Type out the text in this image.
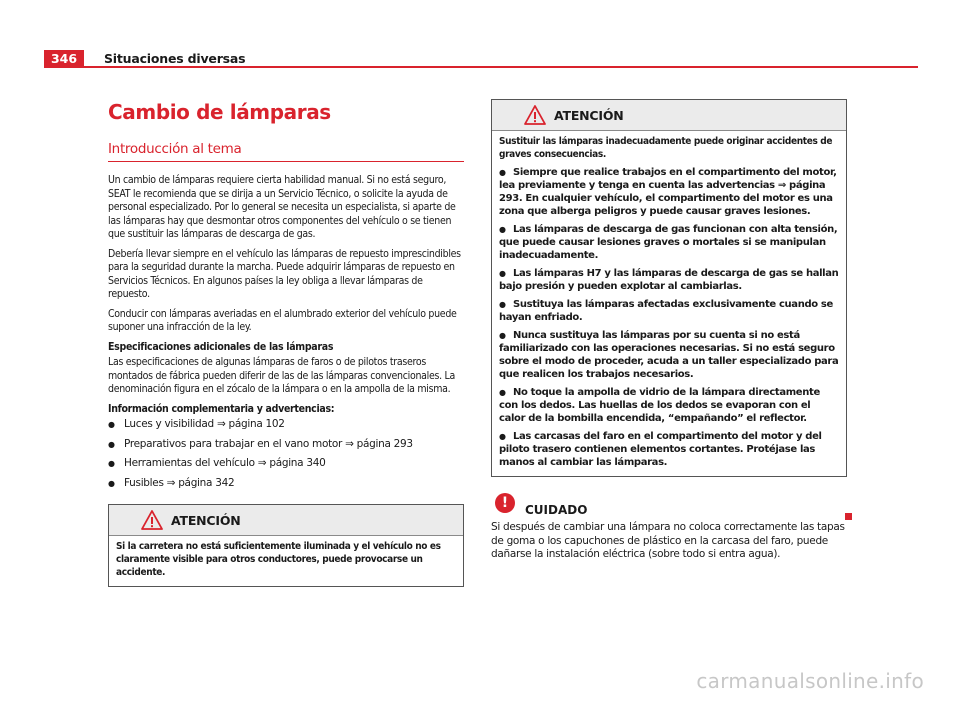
346	Situaciones diversas
Cambio de lámparas
Introducción al tema

Un cambio de lámparas requiere cierta habilidad manual. Si no está seguro, SEAT le recomienda que se dirija a un Servicio Técnico, o solicite la ayuda de personal especializado. Por lo general se necesita un especialista, si aparte de las lámparas hay que desmontar otros componentes del vehículo o se tienen que sustituir las lámparas de descarga de gas.

Debería llevar siempre en el vehículo las lámparas de repuesto imprescindibles para la seguridad durante la marcha. Puede adquirir lámparas de repuesto en Servicios Técnicos. En algunos países la ley obliga a llevar lámparas de repuesto.

Conducir con lámparas averiadas en el alumbrado exterior del vehículo puede suponer una infracción de la ley.

Especificaciones adicionales de las lámparas

Las especificaciones de algunas lámparas de faros o de pilotos traseros montados de fábrica pueden diferir de las de las lámparas convencionales. La denominación figura en el zócalo de la lámpara o en la ampolla de la misma.

Información complementaria y advertencias:

● Luces y visibilidad ⇒ página 102
● Preparativos para trabajar en el vano motor ⇒ página 293
● Herramientas del vehículo ⇒ página 340
● Fusibles ⇒ página 342
ATENCIÓN

Si la carretera no está suficientemente iluminada y el vehículo no es claramente visible para otros conductores, puede provocarse un accidente.

ATENCIÓN

Sustituir las lámparas inadecuadamente puede originar accidentes de graves consecuencias.

● Siempre que realice trabajos en el compartimento del motor, lea previamente y tenga en cuenta las advertencias ⇒ página 293. En cualquier vehículo, el compartimento del motor es una zona que alberga peligros y puede causar graves lesiones.
● Las lámparas de descarga de gas funcionan con alta tensión, que puede causar lesiones graves o mortales si se manipulan inadecuadamente.
● Las lámparas H7 y las lámparas de descarga de gas se hallan bajo presión y pueden explotar al cambiarlas.
● Sustituya las lámparas afectadas exclusivamente cuando se hayan enfriado.
● Nunca sustituya las lámparas por su cuenta si no está familiarizado con las operaciones necesarias. Si no está seguro sobre el modo de proceder, acuda a un taller especializado para que realicen los trabajos necesarios.
● No toque la ampolla de vidrio de la lámpara directamente con los dedos. Las huellas de los dedos se evaporan con el calor de la bombilla encendida, “empañando” el reflector.
● Las carcasas del faro en el compartimento del motor y del piloto trasero contienen elementos cortantes. Protéjase las manos al cambiar las lámparas.
!	CUIDADO
Si después de cambiar una lámpara no coloca correctamente las tapas de goma o los capuchones de plástico en la carcasa del faro, puede dañarse la instalación eléctrica (sobre todo si entra agua).
carmanualsonline.info
